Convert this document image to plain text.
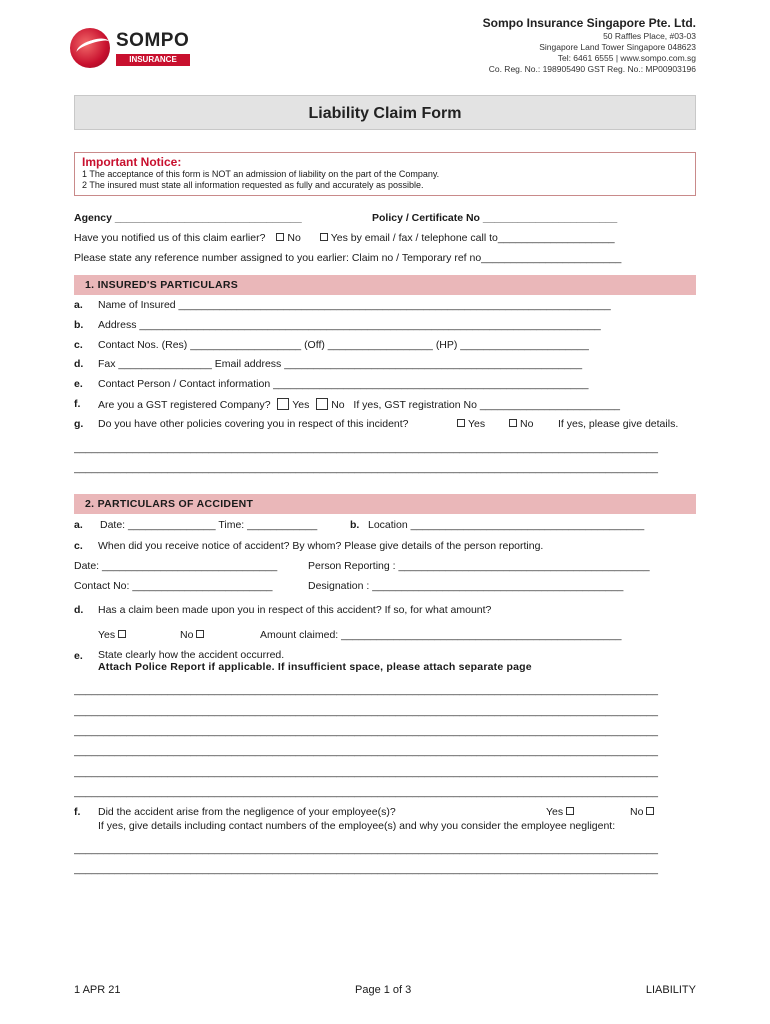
SOMPO
INSURANCE
Sompo Insurance Singapore Pte. Ltd.
50 Raffles Place, #03-03
Singapore Land Tower Singapore 048623
Tel: 6461 6555 | www.sompo.com.sg
Co. Reg. No.: 198905490 GST Reg. No.: MP00903196
Liability Claim Form
Important Notice:
1 The acceptance of this form is NOT an admission of liability on the part of the Company.
2 The insured must state all information requested as fully and accurately as possible.
Agency ________________________________	Policy / Certificate No _______________________
Have you notified us of this claim earlier? No	Yes by email / fax / telephone call to____________________
Please state any reference number assigned to you earlier: Claim no / Temporary ref no________________________
1. INSURED'S PARTICULARS
a. Name of Insured __________________________________________________________________________
b. Address _______________________________________________________________________________
c. Contact Nos. (Res) ___________________ (Off) __________________ (HP) ______________________
d. Fax ________________ Email address ___________________________________________________
e. Contact Person / Contact information ______________________________________________________
f. Are you a GST registered Company? Yes No If yes, GST registration No ________________________
g. Do you have other policies covering you in respect of this incident?	Yes	No If yes, please give details.
____________________________________________________________________________________________________
____________________________________________________________________________________________________
2. PARTICULARS OF ACCIDENT
a. Date: _______________ Time: ____________	b. Location ________________________________________
c. When did you receive notice of accident? By whom? Please give details of the person reporting.
Date: ______________________________	Person Reporting : ___________________________________________
Contact No: ________________________	Designation : ___________________________________________
d. Has a claim been made upon you in respect of this accident? If so, for what amount?
Yes	No	Amount claimed: ________________________________________________
e. State clearly how the accident occurred.
Attach Police Report if applicable. If insufficient space, please attach separate page
____________________________________________________________________________________________________
____________________________________________________________________________________________________
____________________________________________________________________________________________________
____________________________________________________________________________________________________
____________________________________________________________________________________________________
____________________________________________________________________________________________________
f. Did the accident arise from the negligence of your employee(s)?	Yes	No
If yes, give details including contact numbers of the employee(s) and why you consider the employee negligent:
____________________________________________________________________________________________________
____________________________________________________________________________________________________
1 APR 21	Page 1 of 3	LIABILITY
